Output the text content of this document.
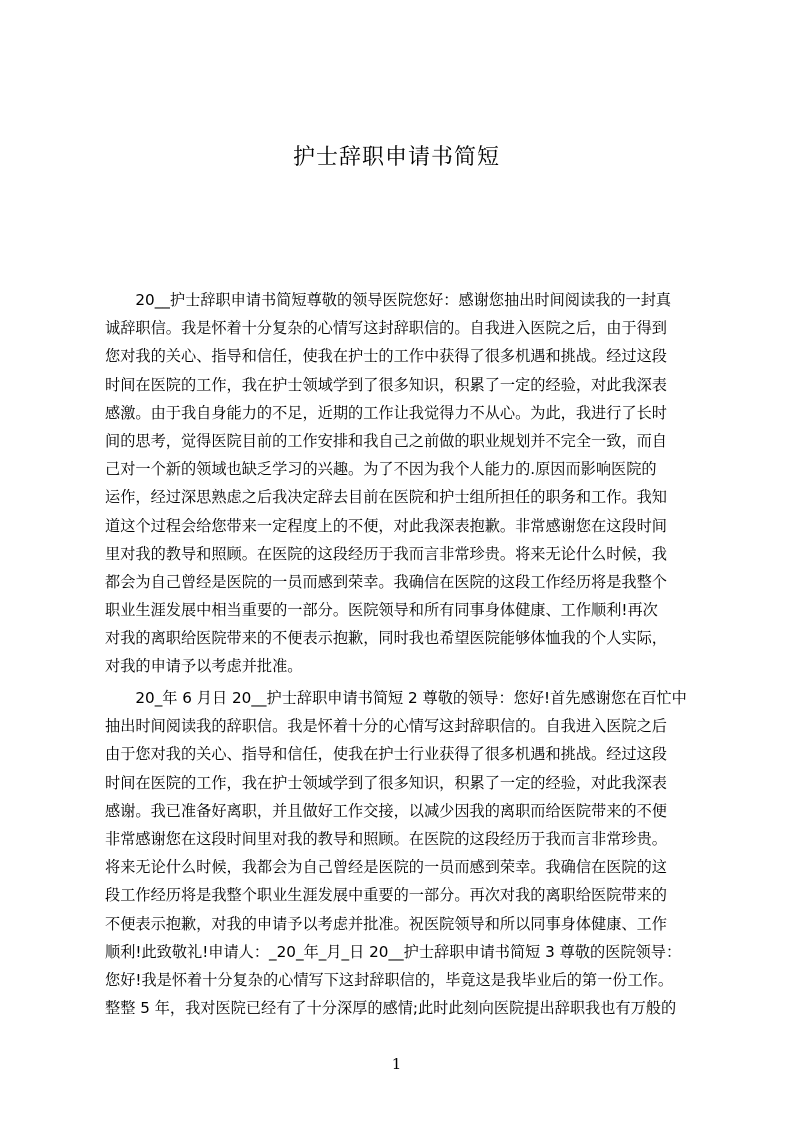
护士辞职申请书简短
　　20__护士辞职申请书简短尊敬的领导医院您好：感谢您抽出时间阅读我的一封真
诚辞职信。我是怀着十分复杂的心情写这封辞职信的。自我进入医院之后，由于得到
您对我的关心、指导和信任，使我在护士的工作中获得了很多机遇和挑战。经过这段
时间在医院的工作，我在护士领域学到了很多知识，积累了一定的经验，对此我深表
感激。由于我自身能力的不足，近期的工作让我觉得力不从心。为此，我进行了长时
间的思考，觉得医院目前的工作安排和我自己之前做的职业规划并不完全一致，而自
己对一个新的领域也缺乏学习的兴趣。为了不因为我个人能力的.原因而影响医院的
运作，经过深思熟虑之后我决定辞去目前在医院和护士组所担任的职务和工作。我知
道这个过程会给您带来一定程度上的不便，对此我深表抱歉。非常感谢您在这段时间
里对我的教导和照顾。在医院的这段经历于我而言非常珍贵。将来无论什么时候，我
都会为自己曾经是医院的一员而感到荣幸。我确信在医院的这段工作经历将是我整个
职业生涯发展中相当重要的一部分。医院领导和所有同事身体健康、工作顺利!再次
对我的离职给医院带来的不便表示抱歉，同时我也希望医院能够体恤我的个人实际，
对我的申请予以考虑并批准。
　　20_年 6 月日 20__护士辞职申请书简短 2 尊敬的领导：您好!首先感谢您在百忙中
抽出时间阅读我的辞职信。我是怀着十分的心情写这封辞职信的。自我进入医院之后
由于您对我的关心、指导和信任，使我在护士行业获得了很多机遇和挑战。经过这段
时间在医院的工作，我在护士领域学到了很多知识，积累了一定的经验，对此我深表
感谢。我已准备好离职，并且做好工作交接，以减少因我的离职而给医院带来的不便
非常感谢您在这段时间里对我的教导和照顾。在医院的这段经历于我而言非常珍贵。
将来无论什么时候，我都会为自己曾经是医院的一员而感到荣幸。我确信在医院的这
段工作经历将是我整个职业生涯发展中重要的一部分。再次对我的离职给医院带来的
不便表示抱歉，对我的申请予以考虑并批准。祝医院领导和所以同事身体健康、工作
顺利!此致敬礼!申请人：_20_年_月_日 20__护士辞职申请书简短 3 尊敬的医院领导：
您好!我是怀着十分复杂的心情写下这封辞职信的，毕竟这是我毕业后的第一份工作。
整整 5 年，我对医院已经有了十分深厚的感情;此时此刻向医院提出辞职我也有万般的
1
